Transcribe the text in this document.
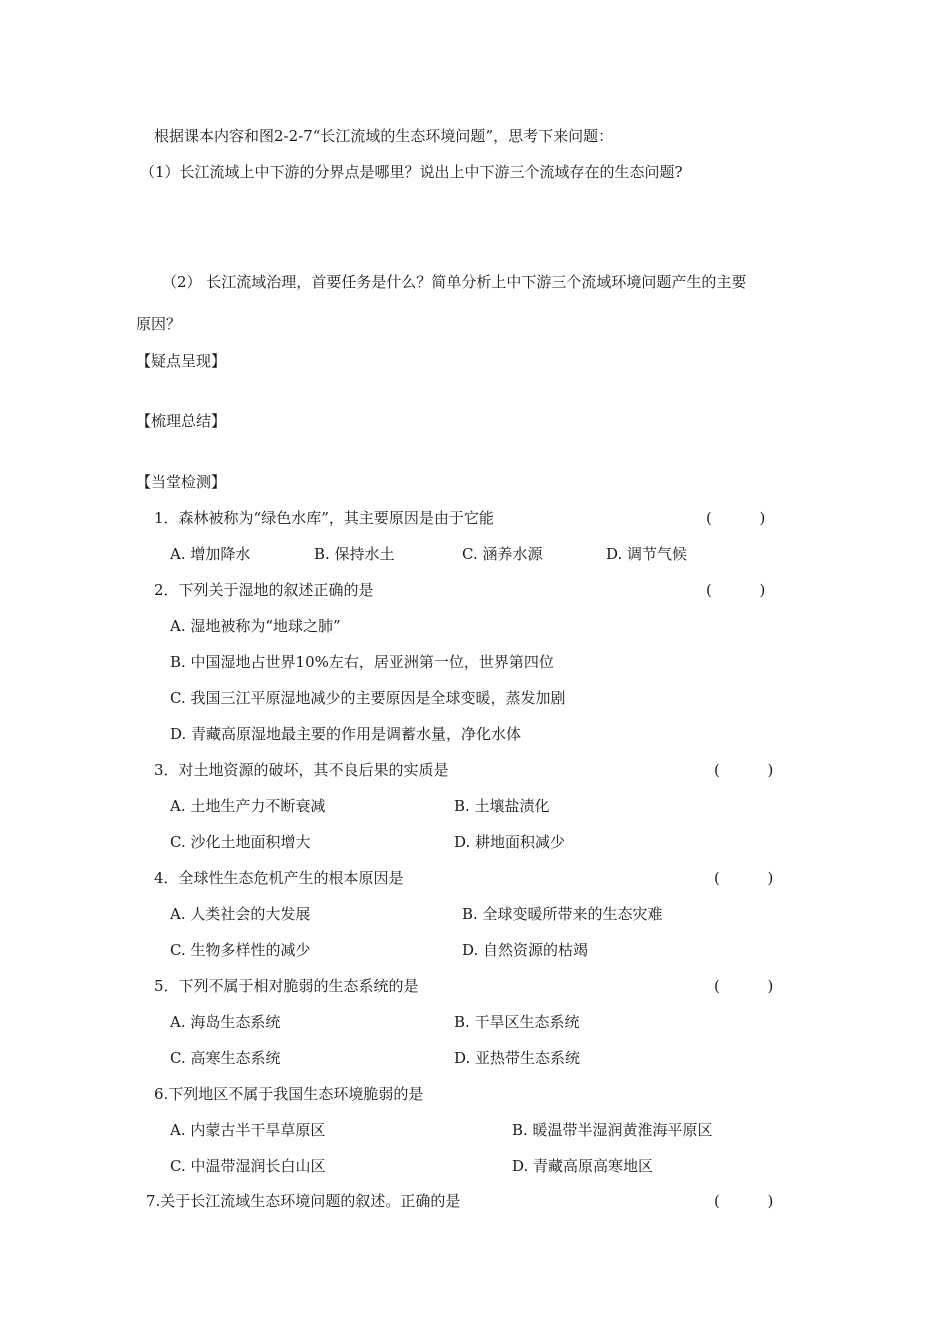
根据课本内容和图2-2-7“长江流域的生态环境问题”，思考下来问题：
（1）长江流域上中下游的分界点是哪里？说出上中下游三个流域存在的生态问题?
（2） 长江流域治理，首要任务是什么？简单分析上中下游三个流域环境问题产生的主要
原因？
【疑点呈现】
【梳理总结】
【当堂检测】
1．森林被称为“绿色水库”，其主要原因是由于它能	(          )
A. 增加降水	B. 保持水土	C. 涵养水源	D. 调节气候
2．下列关于湿地的叙述正确的是	(          )
A. 湿地被称为“地球之肺”
B. 中国湿地占世界10%左右，居亚洲第一位，世界第四位
C. 我国三江平原湿地减少的主要原因是全球变暖，蒸发加剧
D. 青藏高原湿地最主要的作用是调蓄水量，净化水体
3．对土地资源的破坏，其不良后果的实质是	(          )
A. 土地生产力不断衰减	B. 土壤盐渍化
C. 沙化土地面积增大	D. 耕地面积减少
4．全球性生态危机产生的根本原因是	(          )
A. 人类社会的大发展	B. 全球变暖所带来的生态灾难
C. 生物多样性的减少	D. 自然资源的枯竭
5．下列不属于相对脆弱的生态系统的是	(          )
A. 海岛生态系统	B. 干旱区生态系统
C. 高寒生态系统	D. 亚热带生态系统
6.下列地区不属于我国生态环境脆弱的是
A. 内蒙古半干旱草原区	B. 暖温带半湿润黄淮海平原区
C. 中温带湿润长白山区	D. 青藏高原高寒地区
7.关于长江流域生态环境问题的叙述。正确的是	(          )
